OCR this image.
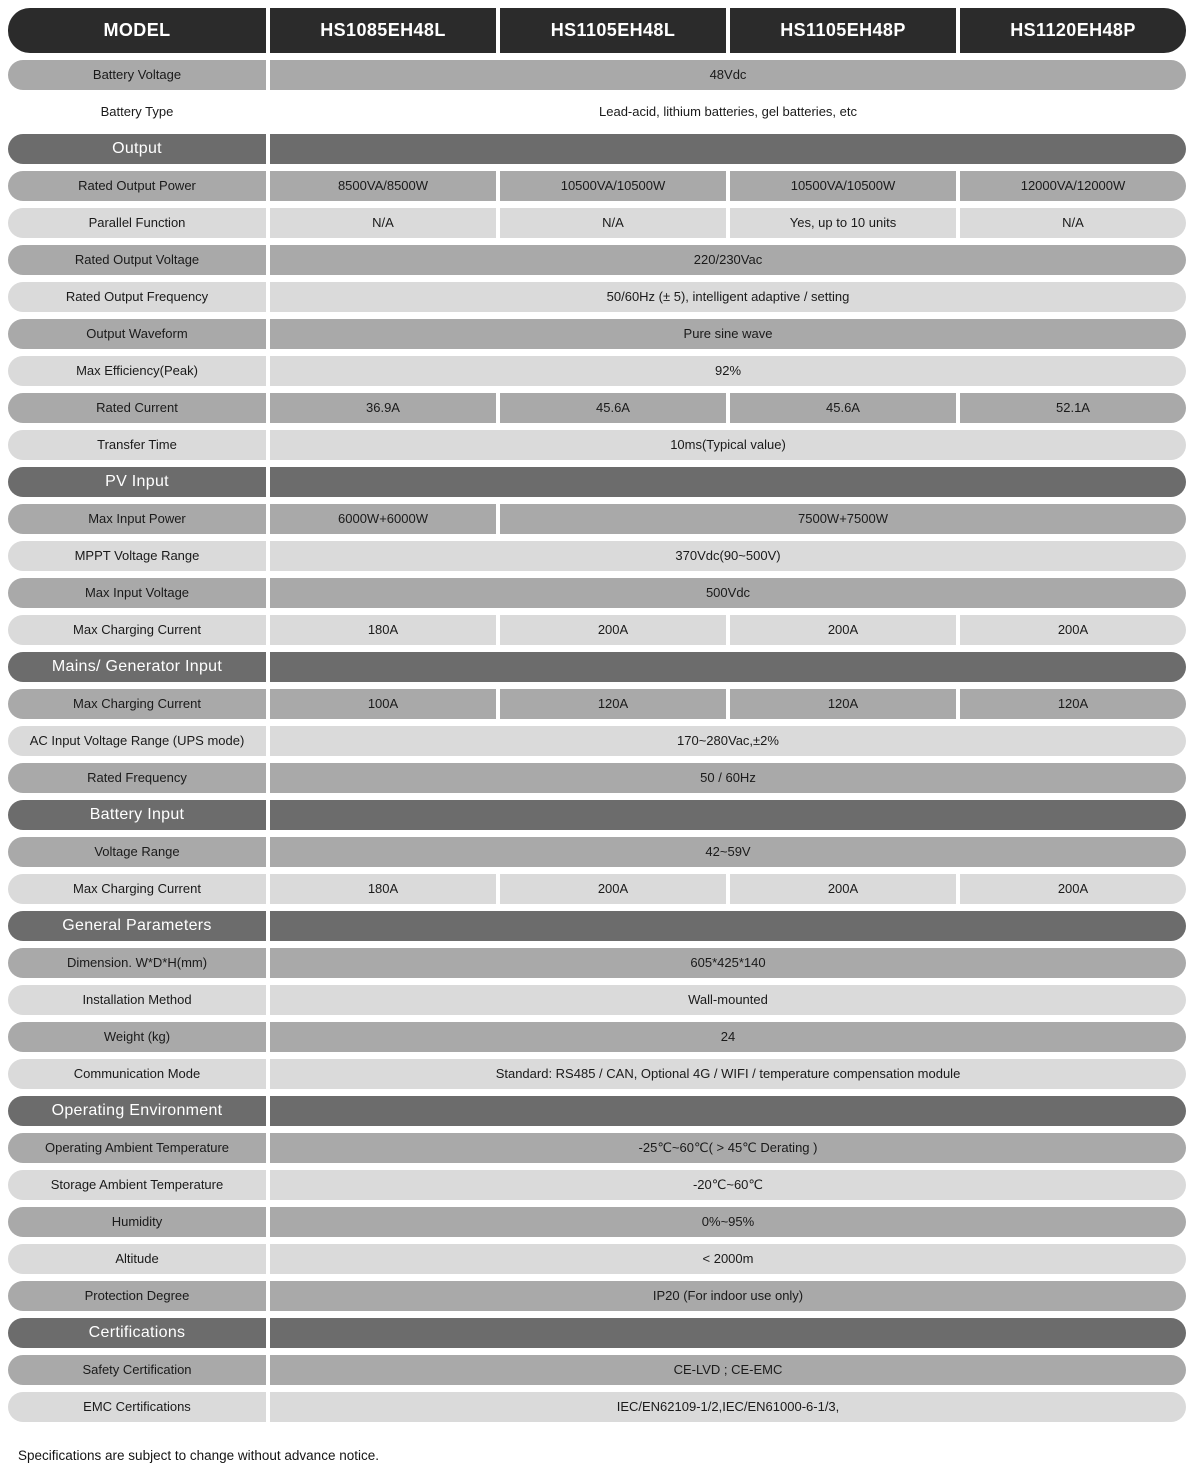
MODEL	HS1085EH48L	HS1105EH48L	HS1105EH48P	HS1120EH48P
Battery Voltage	48Vdc
Battery Type	Lead-acid, lithium batteries, gel batteries, etc
Output
Rated Output Power	8500VA/8500W	10500VA/10500W	10500VA/10500W	12000VA/12000W
Parallel Function	N/A	N/A	Yes, up to 10 units	N/A
Rated Output Voltage	220/230Vac
Rated Output Frequency	50/60Hz (± 5), intelligent adaptive / setting
Output Waveform	Pure sine wave
Max Efficiency(Peak)	92%
Rated Current	36.9A	45.6A	45.6A	52.1A
Transfer Time	10ms(Typical value)
PV Input
Max Input Power	6000W+6000W	7500W+7500W
MPPT Voltage Range	370Vdc(90~500V)
Max Input Voltage	500Vdc
Max Charging Current	180A	200A	200A	200A
Mains/ Generator Input
Max Charging Current	100A	120A	120A	120A
AC Input Voltage Range (UPS mode)	170~280Vac,±2%
Rated Frequency	50 / 60Hz
Battery Input
Voltage Range	42~59V
Max Charging Current	180A	200A	200A	200A
General Parameters
Dimension. W*D*H(mm)	605*425*140
Installation Method	Wall-mounted
Weight (kg)	24
Communication Mode	Standard: RS485 / CAN, Optional 4G / WIFI / temperature compensation module
Operating Environment
Operating Ambient Temperature	-25℃~60℃( > 45℃ Derating )
Storage Ambient Temperature	-20℃~60℃
Humidity	0%~95%
Altitude	< 2000m
Protection Degree	IP20 (For indoor use only)
Certifications
Safety Certification	CE-LVD ; CE-EMC
EMC Certifications	IEC/EN62109-1/2,IEC/EN61000-6-1/3,
Specifications are subject to change without advance notice.
